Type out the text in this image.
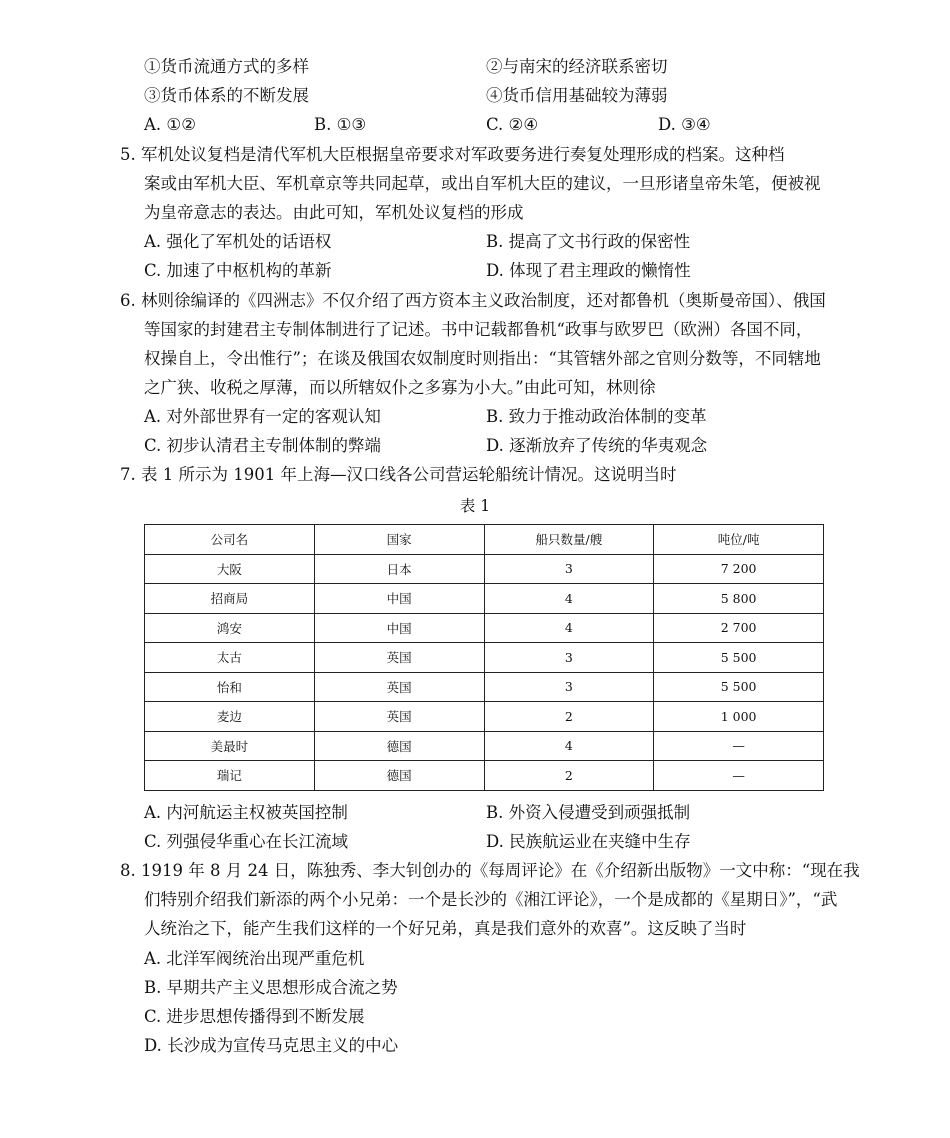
①货币流通方式的多样	②与南宋的经济联系密切
③货币体系的不断发展	④货币信用基础较为薄弱
A. ①②	B. ①③	C. ②④	D. ③④
5. 军机处议复档是清代军机大臣根据皇帝要求对军政要务进行奏复处理形成的档案。这种档
案或由军机大臣、军机章京等共同起草，或出自军机大臣的建议，一旦形诸皇帝朱笔，便被视
为皇帝意志的表达。由此可知，军机处议复档的形成
A. 强化了军机处的话语权	B. 提高了文书行政的保密性
C. 加速了中枢机构的革新	D. 体现了君主理政的懒惰性
6. 林则徐编译的《四洲志》不仅介绍了西方资本主义政治制度，还对都鲁机（奥斯曼帝国）、俄国
等国家的封建君主专制体制进行了记述。书中记载都鲁机“政事与欧罗巴（欧洲）各国不同，
权操自上，令出惟行”；在谈及俄国农奴制度时则指出：“其管辖外部之官则分数等，不同辖地
之广狭、收税之厚薄，而以所辖奴仆之多寡为小大。”由此可知，林则徐
A. 对外部世界有一定的客观认知	B. 致力于推动政治体制的变革
C. 初步认清君主专制体制的弊端	D. 逐渐放弃了传统的华夷观念
7. 表 1 所示为 1901 年上海—汉口线各公司营运轮船统计情况。这说明当时
表 1
公司名	国家	船只数量/艘	吨位/吨
大阪	日本	3	7 200
招商局	中国	4	5 800
鸿安	中国	4	2 700
太古	英国	3	5 500
怡和	英国	3	5 500
麦边	英国	2	1 000
美最时	德国	4	—
瑞记	德国	2	—
A. 内河航运主权被英国控制	B. 外资入侵遭受到顽强抵制
C. 列强侵华重心在长江流域	D. 民族航运业在夹缝中生存
8. 1919 年 8 月 24 日，陈独秀、李大钊创办的《每周评论》在《介绍新出版物》一文中称：“现在我
们特别介绍我们新添的两个小兄弟：一个是长沙的《湘江评论》，一个是成都的《星期日》”，“武
人统治之下，能产生我们这样的一个好兄弟，真是我们意外的欢喜”。这反映了当时
A. 北洋军阀统治出现严重危机
B. 早期共产主义思想形成合流之势
C. 进步思想传播得到不断发展
D. 长沙成为宣传马克思主义的中心
